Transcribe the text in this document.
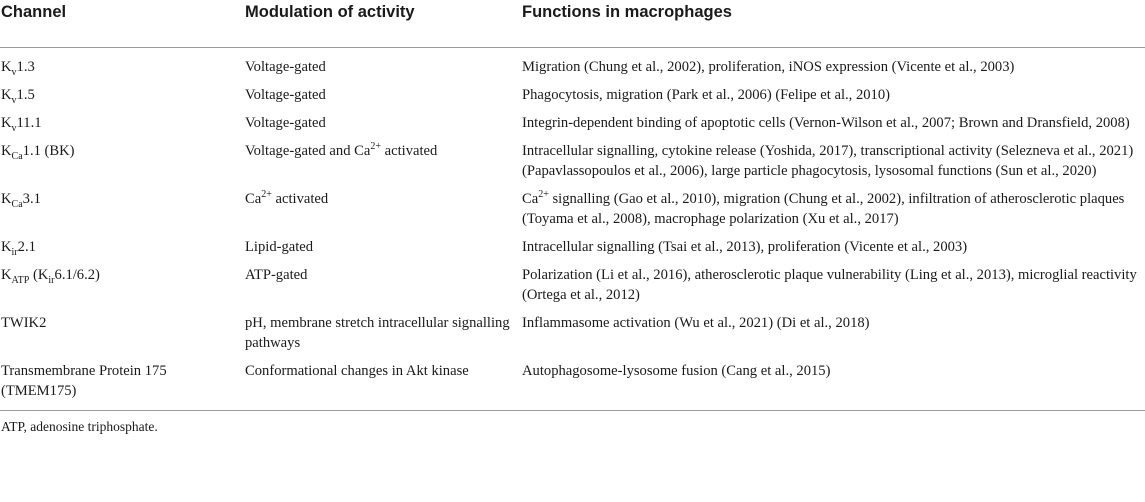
Channel	Modulation of activity	Functions in macrophages
$K_v1.3$	Voltage-gated	Migration (Chung et al., 2002), proliferation, iNOS expression (Vicente et al., 2003)
$K_v1.5$	Voltage-gated	Phagocytosis, migration (Park et al., 2006) (Felipe et al., 2010)
$K_v11.1$	Voltage-gated	Integrin-dependent binding of apoptotic cells (Vernon-Wilson et al., 2007; Brown and Dransfield, 2008)
$K_{Ca}1.1$ (BK)	Voltage-gated and $Ca^{2+}$ activated	Intracellular signalling, cytokine release (Yoshida, 2017), transcriptional activity (Selezneva et al., 2021) (Papavlassopoulos et al., 2006), large particle phagocytosis, lysosomal functions (Sun et al., 2020)
$K_{Ca}3.1$	$Ca^{2+}$ activated	$Ca^{2+}$ signalling (Gao et al., 2010), migration (Chung et al., 2002), infiltration of atherosclerotic plaques (Toyama et al., 2008), macrophage polarization (Xu et al., 2017)
$K_{ir}2.1$	Lipid-gated	Intracellular signalling (Tsai et al., 2013), proliferation (Vicente et al., 2003)
$K_{ATP}$ $(K_{ir}6.1/6.2)$	ATP-gated	Polarization (Li et al., 2016), atherosclerotic plaque vulnerability (Ling et al., 2013), microglial reactivity (Ortega et al., 2012)
TWIK2	pH, membrane stretch intracellular signalling pathways	Inflammasome activation (Wu et al., 2021) (Di et al., 2018)
Transmembrane Protein 175 (TMEM175)	Conformational changes in Akt kinase	Autophagosome-lysosome fusion (Cang et al., 2015)
ATP, adenosine triphosphate.
